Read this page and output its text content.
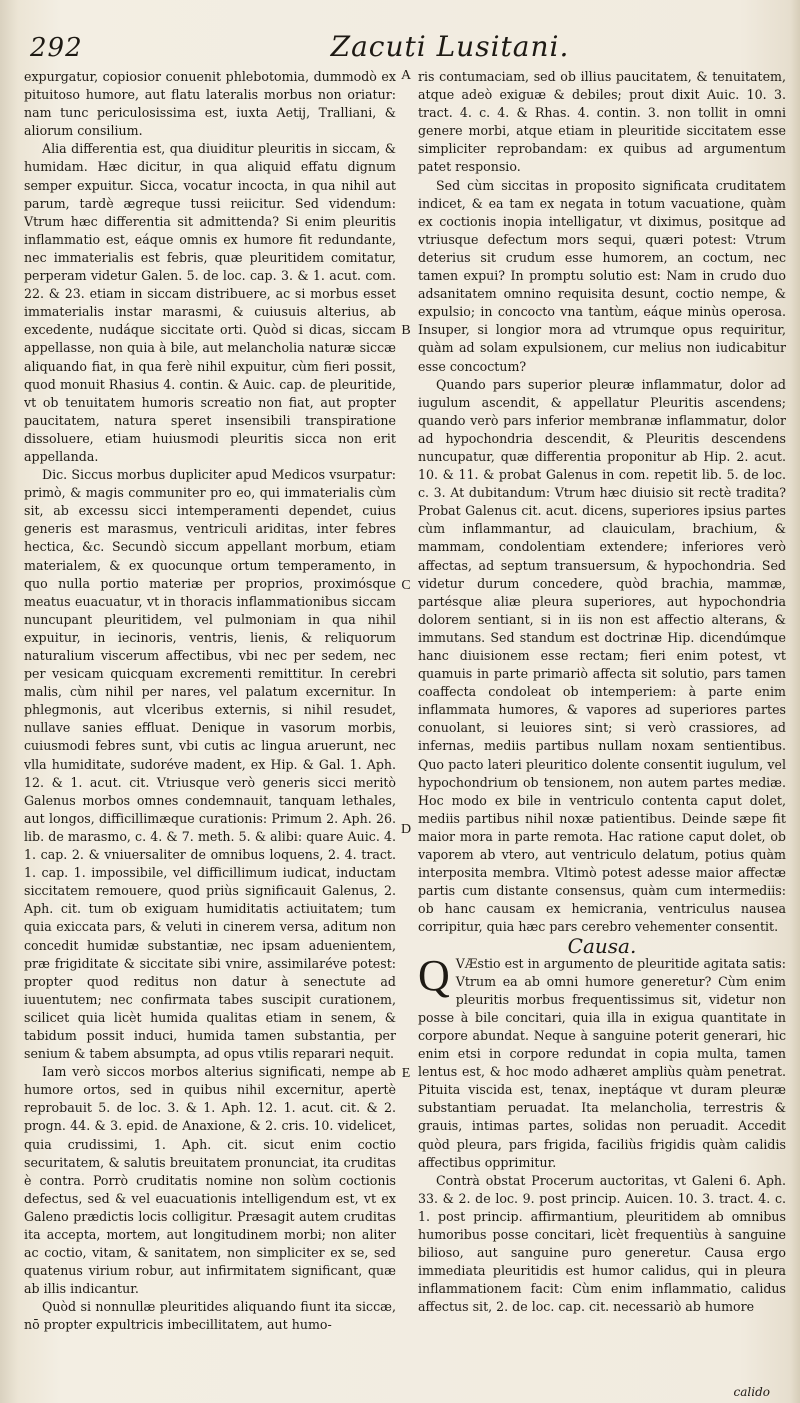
292	Zacuti Lusitani.

expurgatur, copiosior conuenit phlebotomia, dummodò ex pituitoso humore, aut flatu lateralis morbus non oriatur: nam tunc periculosissima est, iuxta Aetij, Tralliani, & aliorum consilium.

Alia differentia est, qua diuiditur pleuritis in siccam, & humidam. Hæc dicitur, in qua aliquid effatu dignum semper expuitur. Sicca, vocatur incocta, in qua nihil aut parum, tardè ægreque tussi reiicitur. Sed videndum: Vtrum hæc differentia sit admittenda? Si enim pleuritis inflammatio est, eáque omnis ex humore fit redundante, nec immaterialis est febris, quæ pleuritidem comitatur, perperam videtur Galen. 5. de loc. cap. 3. & 1. acut. com. 22. & 23. etiam in siccam distribuere, ac si morbus esset immaterialis instar marasmi, & cuiusuis alterius, ab excedente, nudáque siccitate orti. Quòd si dicas, siccam appellasse, non quia à bile, aut melancholia naturæ siccæ aliquando fiat, in qua ferè nihil expuitur, cùm fieri possit, quod monuit Rhasius 4. contin. & Auic. cap. de pleuritide, vt ob tenuitatem humoris screatio non fiat, aut propter paucitatem, natura speret insensibili transpiratione dissoluere, etiam huiusmodi pleuritis sicca non erit appellanda.

Dic. Siccus morbus dupliciter apud Medicos vsurpatur: primò, & magis communiter pro eo, qui immaterialis cùm sit, ab excessu sicci intemperamenti dependet, cuius generis est marasmus, ventriculi ariditas, inter febres hectica, &c. Secundò siccum appellant morbum, etiam materialem, & ex quocunque ortum temperamento, in quo nulla portio materiæ per proprios, proximósque meatus euacuatur, vt in thoracis inflammationibus siccam nuncupant pleuritidem, vel pulmoniam in qua nihil expuitur, in iecinoris, ventris, lienis, & reliquorum naturalium viscerum affectibus, vbi nec per sedem, nec per vesicam quicquam excrementi remittitur. In cerebri malis, cùm nihil per nares, vel palatum excernitur. In phlegmonis, aut vlceribus externis, si nihil resudet, nullave sanies effluat. Denique in vasorum morbis, cuiusmodi febres sunt, vbi cutis ac lingua aruerunt, nec vlla humiditate, sudoréve madent, ex Hip. & Gal. 1. Aph. 12. & 1. acut. cit. Vtriusque verò generis sicci meritò Galenus morbos omnes condemnauit, tanquam lethales, aut longos, difficillimæque curationis: Primum 2. Aph. 26. lib. de marasmo, c. 4. & 7. meth. 5. & alibi: quare Auic. 4. 1. cap. 2. & vniuersaliter de omnibus loquens, 2. 4. tract. 1. cap. 1. impossibile, vel difficillimum iudicat, inductam siccitatem remouere, quod priùs significauit Galenus, 2. Aph. cit. tum ob exiguam humiditatis actiuitatem; tum quia exiccata pars, & veluti in cinerem versa, aditum non concedit humidæ substantiæ, nec ipsam aduenientem, præ frigiditate & siccitate sibi vnire, assimilaréve potest: propter quod reditus non datur à senectute ad iuuentutem; nec confirmata tabes suscipit curationem, scilicet quia licèt humida qualitas etiam in senem, & tabidum possit induci, humida tamen substantia, per senium & tabem absumpta, ad opus vtilis reparari nequit.

Iam verò siccos morbos alterius significati, nempe ab humore ortos, sed in quibus nihil excernitur, apertè reprobauit 5. de loc. 3. & 1. Aph. 12. 1. acut. cit. & 2. progn. 44. & 3. epid. de Anaxione, & 2. cris. 10. videlicet, quia crudissimi, 1. Aph. cit. sicut enim coctio securitatem, & salutis breuitatem pronunciat, ita cruditas è contra. Porrò cruditatis nomine non solùm coctionis defectus, sed & vel euacuationis intelligendum est, vt ex Galeno prædictis locis colligitur. Præsagit autem cruditas ita accepta, mortem, aut longitudinem morbi; non aliter ac coctio, vitam, & sanitatem, non simpliciter ex se, sed quatenus virium robur, aut infirmitatem significant, quæ ab illis indicantur.

Quòd si nonnullæ pleuritides aliquando fiunt ita siccæ, nō propter expultricis imbecillitatem, aut humo-

A
B
C
D
E

ris contumaciam, sed ob illius paucitatem, & tenuitatem, atque adeò exiguæ & debiles; prout dixit Auic. 10. 3. tract. 4. c. 4. & Rhas. 4. contin. 3. non tollit in omni genere morbi, atque etiam in pleuritide siccitatem esse simpliciter reprobandam: ex quibus ad argumentum patet responsio.

Sed cùm siccitas in proposito significata cruditatem indicet, & ea tam ex negata in totum vacuatione, quàm ex coctionis inopia intelligatur, vt diximus, positque ad vtriusque defectum mors sequi, quæri potest: Vtrum deterius sit crudum esse humorem, an coctum, nec tamen expui? In promptu solutio est: Nam in crudo duo adsanitatem omnino requisita desunt, coctio nempe, & expulsio; in concocto vna tantùm, eáque minùs operosa. Insuper, si longior mora ad vtrumque opus requiritur, quàm ad solam expulsionem, cur melius non iudicabitur esse concoctum?

Quando pars superior pleuræ inflammatur, dolor ad iugulum ascendit, & appellatur Pleuritis ascendens; quando verò pars inferior membranæ inflammatur, dolor ad hypochondria descendit, & Pleuritis descendens nuncupatur, quæ differentia proponitur ab Hip. 2. acut. 10. & 11. & probat Galenus in com. repetit lib. 5. de loc. c. 3. At dubitandum: Vtrum hæc diuisio sit rectè tradita? Probat Galenus cit. acut. dicens, superiores ipsius partes cùm inflammantur, ad clauiculam, brachium, & mammam, condolentiam extendere; inferiores verò affectas, ad septum transuersum, & hypochondria. Sed videtur durum concedere, quòd brachia, mammæ, partésque aliæ pleura superiores, aut hypochondria dolorem sentiant, si in iis non est affectio alterans, & immutans. Sed standum est doctrinæ Hip. dicendúmque hanc diuisionem esse rectam; fieri enim potest, vt quamuis in parte primariò affecta sit solutio, pars tamen coaffecta condoleat ob intemperiem: à parte enim inflammata humores, & vapores ad superiores partes conuolant, si leuiores sint; si verò crassiores, ad infernas, mediis partibus nullam noxam sentientibus. Quo pacto lateri pleuritico dolente consentit iugulum, vel hypochondrium ob tensionem, non autem partes mediæ. Hoc modo ex bile in ventriculo contenta caput dolet, mediis partibus nihil noxæ patientibus. Deinde sæpe fit maior mora in parte remota. Hac ratione caput dolet, ob vaporem ab vtero, aut ventriculo delatum, potius quàm interposita membra. Vltimò potest adesse maior affectæ partis cum distante consensus, quàm cum intermediis: ob hanc causam ex hemicrania, ventriculus nausea corripitur, quia hæc pars cerebro vehementer consentit.

Causa.

Q VÆstio est in argumento de pleuritide agitata satis: Vtrum ea ab omni humore generetur? Cùm enim pleuritis morbus frequentissimus sit, videtur non posse à bile concitari, quia illa in exigua quantitate in corpore abundat. Neque à sanguine poterit generari, hic enim etsi in corpore redundat in copia multa, tamen lentus est, & hoc modo adhæret ampliùs quàm penetrat. Pituita viscida est, tenax, ineptáque vt duram pleuræ substantiam peruadat. Ita melancholia, terrestris & grauis, intimas partes, solidas non peruadit. Accedit quòd pleura, pars frigida, faciliùs frigidis quàm calidis affectibus opprimitur.

Contrà obstat Procerum auctoritas, vt Galeni 6. Aph. 33. & 2. de loc. 9. post princip. Auicen. 10. 3. tract. 4. c. 1. post princip. affirmantium, pleuritidem ab omnibus humoribus posse concitari, licèt frequentiùs à sanguine bilioso, aut sanguine puro generetur. Causa ergo immediata pleuritidis est humor calidus, qui in pleura inflammationem facit: Cùm enim inflammatio, calidus affectus sit, 2. de loc. cap. cit. necessariò ab humore

calido
